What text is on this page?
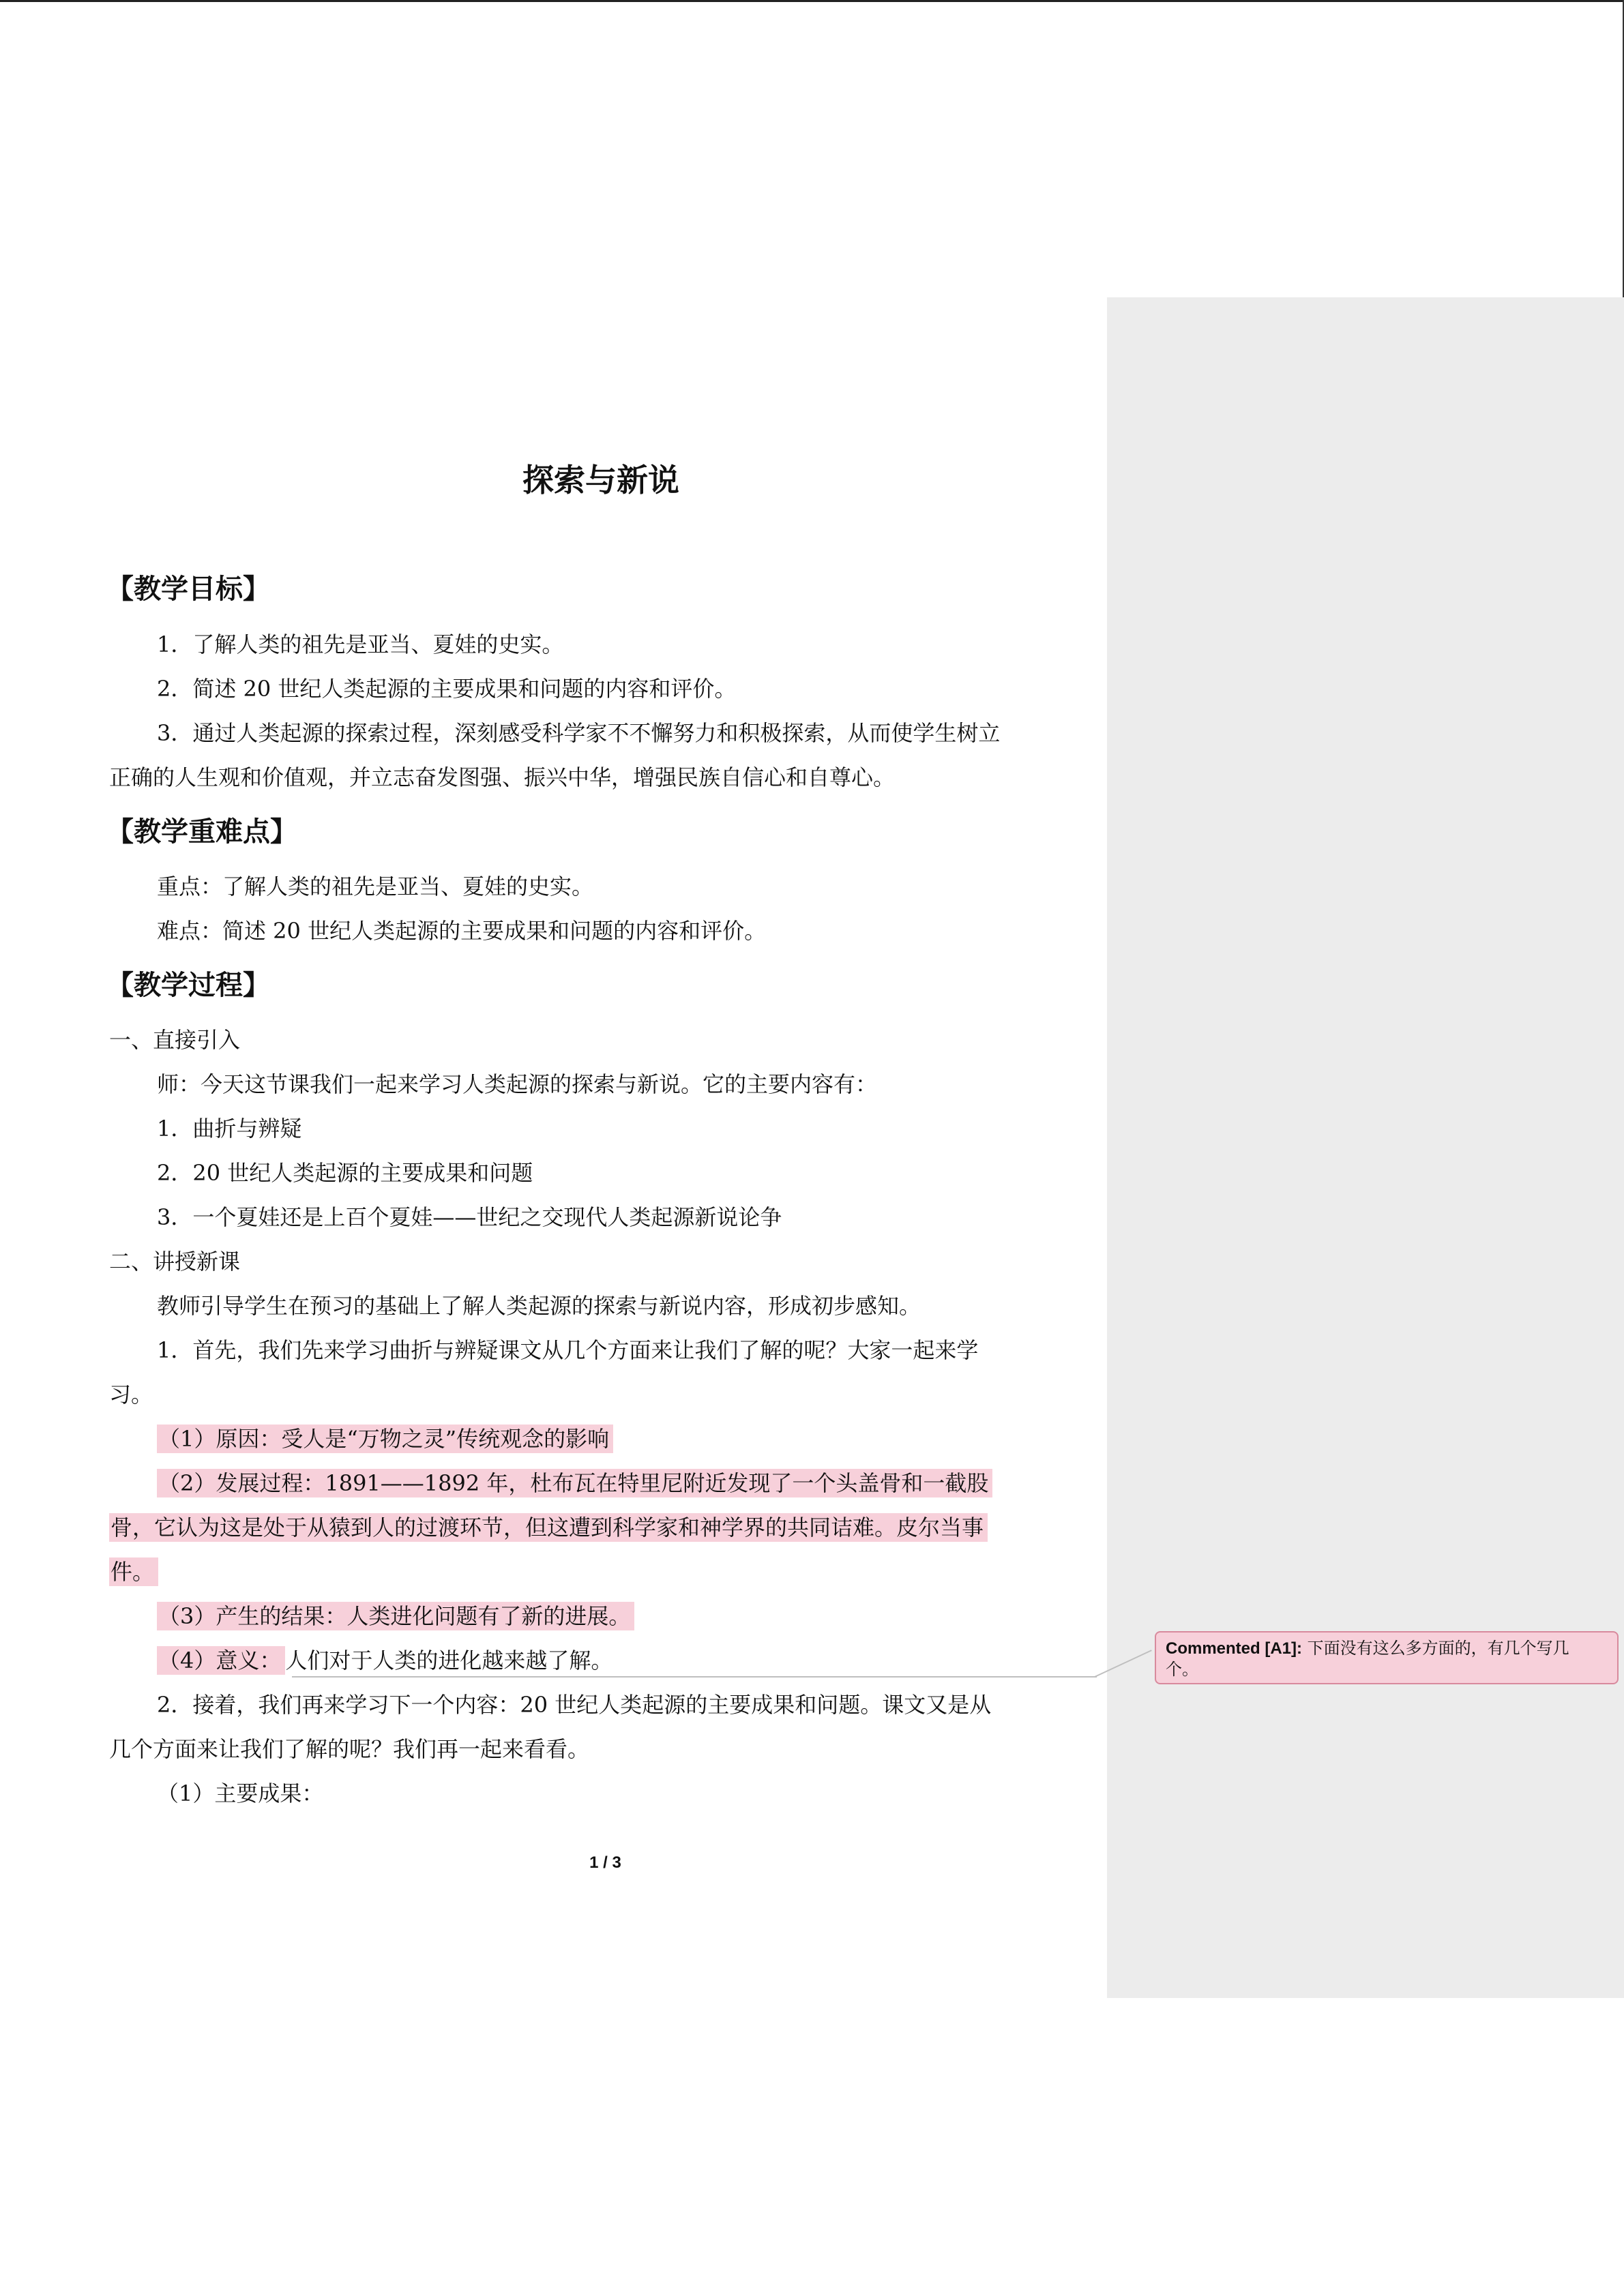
探索与新说
【教学目标】
1．了解人类的祖先是亚当、夏娃的史实。
2．简述 20 世纪人类起源的主要成果和问题的内容和评价。
3．通过人类起源的探索过程，深刻感受科学家不不懈努力和积极探索，从而使学生树立
正确的人生观和价值观，并立志奋发图强、振兴中华，增强民族自信心和自尊心。
【教学重难点】
重点：了解人类的祖先是亚当、夏娃的史实。
难点：简述 20 世纪人类起源的主要成果和问题的内容和评价。
【教学过程】
一、直接引入
师：今天这节课我们一起来学习人类起源的探索与新说。它的主要内容有：
1．曲折与辨疑
2．20 世纪人类起源的主要成果和问题
3．一个夏娃还是上百个夏娃——世纪之交现代人类起源新说论争
二、讲授新课
教师引导学生在预习的基础上了解人类起源的探索与新说内容，形成初步感知。
1．首先，我们先来学习曲折与辨疑课文从几个方面来让我们了解的呢？大家一起来学
习。
（1）原因：受人是“万物之灵”传统观念的影响
（2）发展过程：1891——1892 年，杜布瓦在特里尼附近发现了一个头盖骨和一截股
骨，它认为这是处于从猿到人的过渡环节，但这遭到科学家和神学界的共同诘难。皮尔当事
件。
（3）产生的结果：人类进化问题有了新的进展。
（4）意义： 人们对于人类的进化越来越了解。
2．接着，我们再来学习下一个内容：20 世纪人类起源的主要成果和问题。课文又是从
几个方面来让我们了解的呢？我们再一起来看看。
（1）主要成果：
1 / 3
Commented [A1]: 下面没有这么多方面的，有几个写几
个。
